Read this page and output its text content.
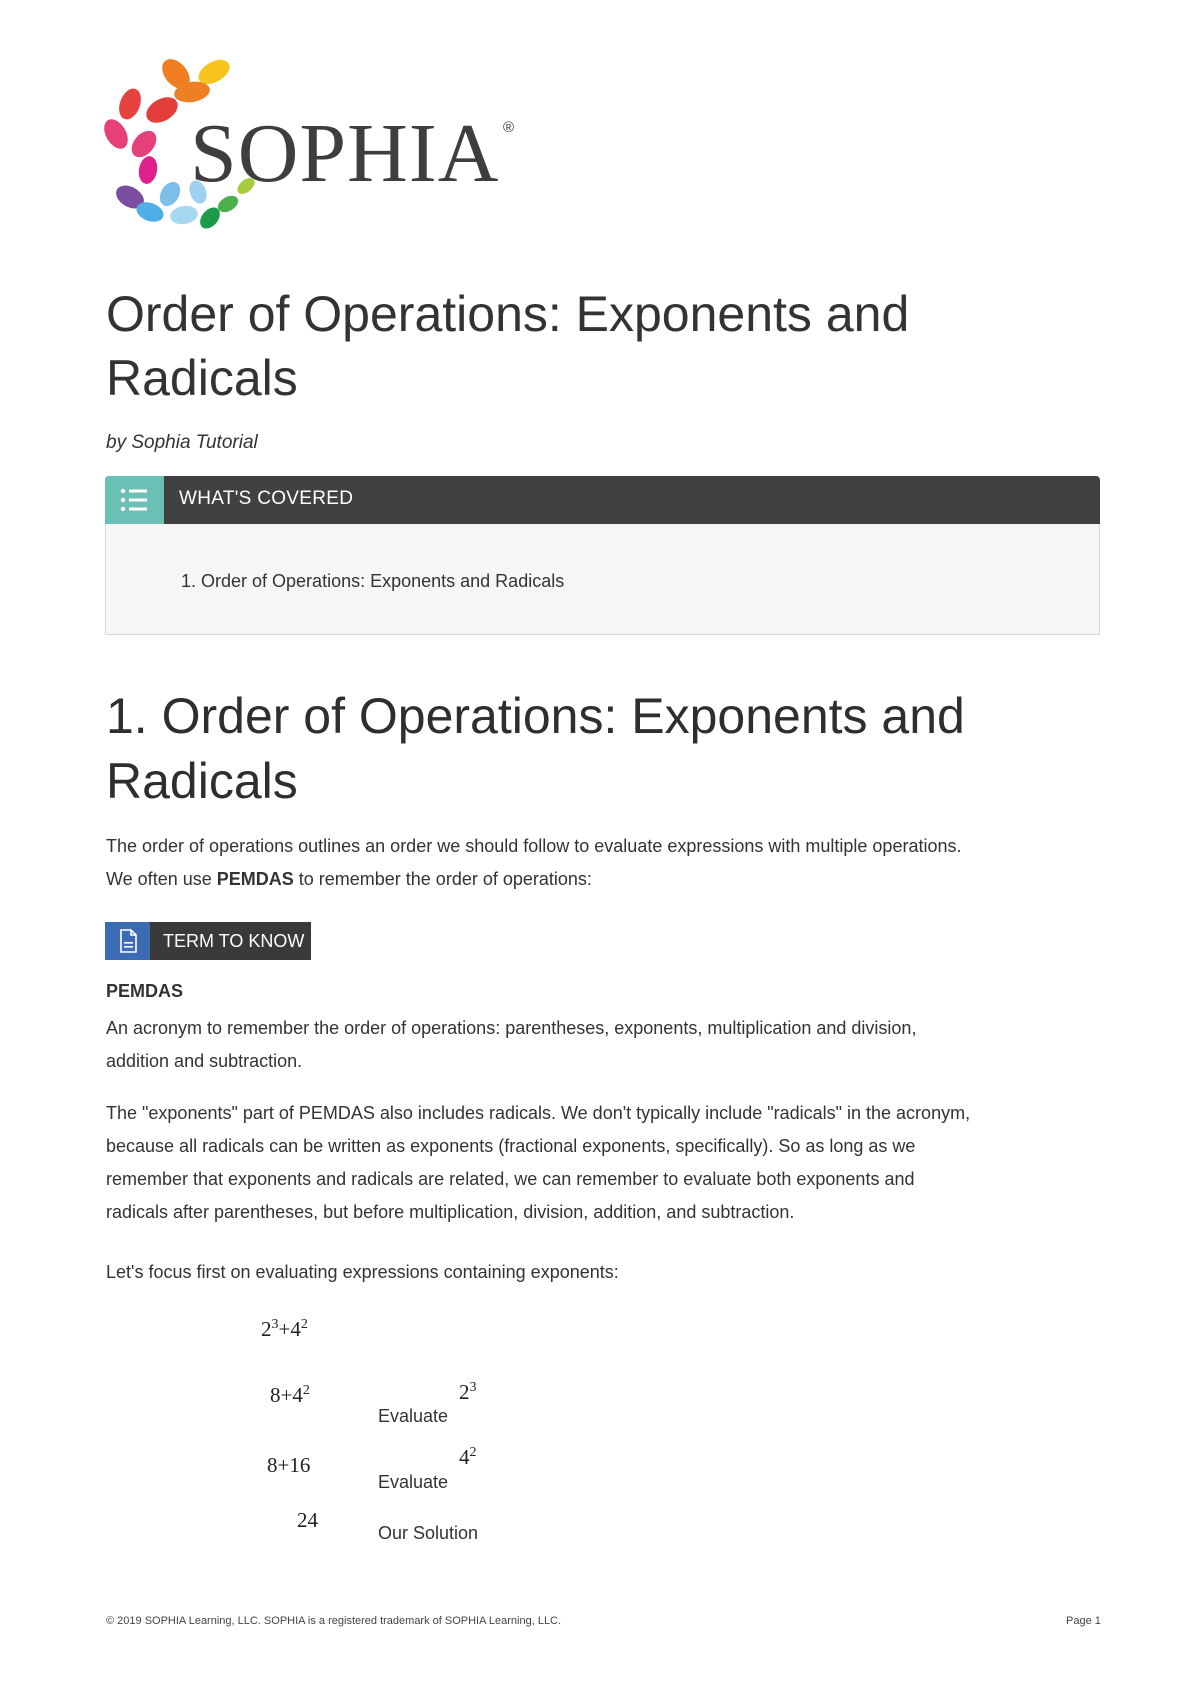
SOPHIA ®
Order of Operations: Exponents and Radicals

by Sophia Tutorial

WHAT'S COVERED
1. Order of Operations: Exponents and Radicals
1. Order of Operations: Exponents and Radicals

The order of operations outlines an order we should follow to evaluate expressions with multiple operations.
We often use PEMDAS to remember the order of operations:

TERM TO KNOW

PEMDAS

An acronym to remember the order of operations: parentheses, exponents, multiplication and division,
addition and subtraction.

The "exponents" part of PEMDAS also includes radicals. We don't typically include "radicals" in the acronym,
because all radicals can be written as exponents (fractional exponents, specifically). So as long as we
remember that exponents and radicals are related, we can remember to evaluate both exponents and
radicals after parentheses, but before multiplication, division, addition, and subtraction.

Let's focus first on evaluating expressions containing exponents:

$2^3+4^2$
$8+4^2$
Evaluate
$2^3$
8+16
Evaluate
$4^2$
24
Our Solution
© 2019 SOPHIA Learning, LLC. SOPHIA is a registered trademark of SOPHIA Learning, LLC.	Page 1
